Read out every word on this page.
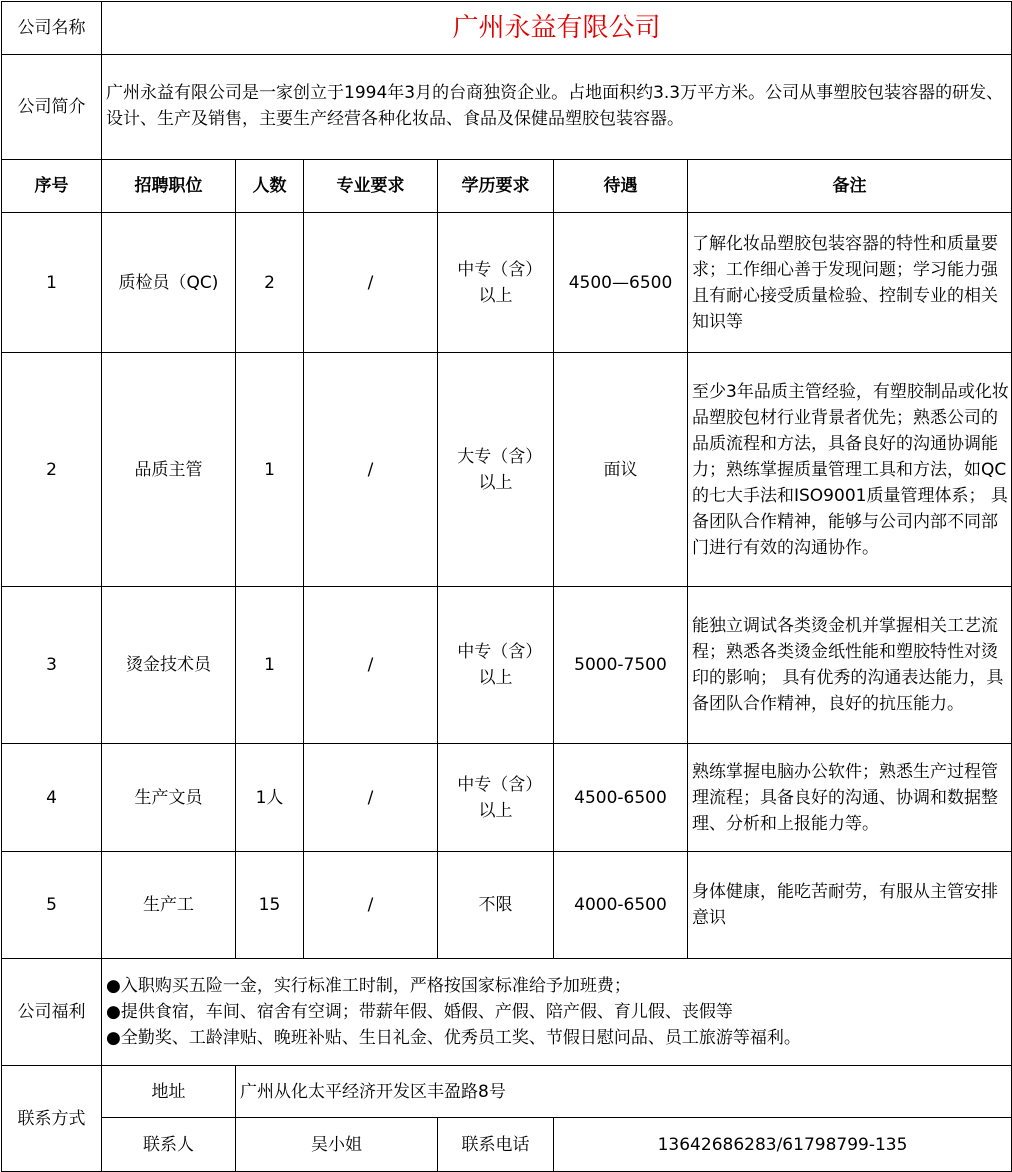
公司名称	广州永益有限公司					
公司简介	广州永益有限公司是一家创立于1994年3月的台商独资企业。占地面积约3.3万平方米。公司从事塑胶包装容器的研发、设计、生产及销售，主要生产经营各种化妆品、食品及保健品塑胶包装容器。					
序号	招聘职位	人数	专业要求	学历要求	待遇	备注
1	质检员（QC)	2	/	中专（含）以上	4500—6500	了解化妆品塑胶包装容器的特性和质量要求；工作细心善于发现问题；学习能力强且有耐心接受质量检验、控制专业的相关知识等
2	品质主管	1	/	大专（含）以上	面议	至少3年品质主管经验，有塑胶制品或化妆品塑胶包材行业背景者优先；熟悉公司的品质流程和方法，具备良好的沟通协调能力；熟练掌握质量管理工具和方法，如QC的七大手法和ISO9001质量管理体系； 具备团队合作精神，能够与公司内部不同部门进行有效的沟通协作。
3	烫金技术员	1	/	中专（含）以上	5000-7500	能独立调试各类烫金机并掌握相关工艺流程；熟悉各类烫金纸性能和塑胶特性对烫印的影响； 具有优秀的沟通表达能力，具备团队合作精神，良好的抗压能力。
4	生产文员	1人	/	中专（含）以上	4500-6500	熟练掌握电脑办公软件；熟悉生产过程管理流程；具备良好的沟通、协调和数据整理、分析和上报能力等。
5	生产工	15	/	不限	4000-6500	身体健康，能吃苦耐劳，有服从主管安排意识
公司福利	●入职购买五险一金，实行标准工时制，严格按国家标准给予加班费；
●提供食宿，车间、宿舍有空调；带薪年假、婚假、产假、陪产假、育儿假、丧假等
●全勤奖、工龄津贴、晚班补贴、生日礼金、优秀员工奖、节假日慰问品、员工旅游等福利。					

联系方式	地址	广州从化太平经济开发区丰盈路8号				
	联系人	吴小姐		联系电话	13642686283/61798799-135	
